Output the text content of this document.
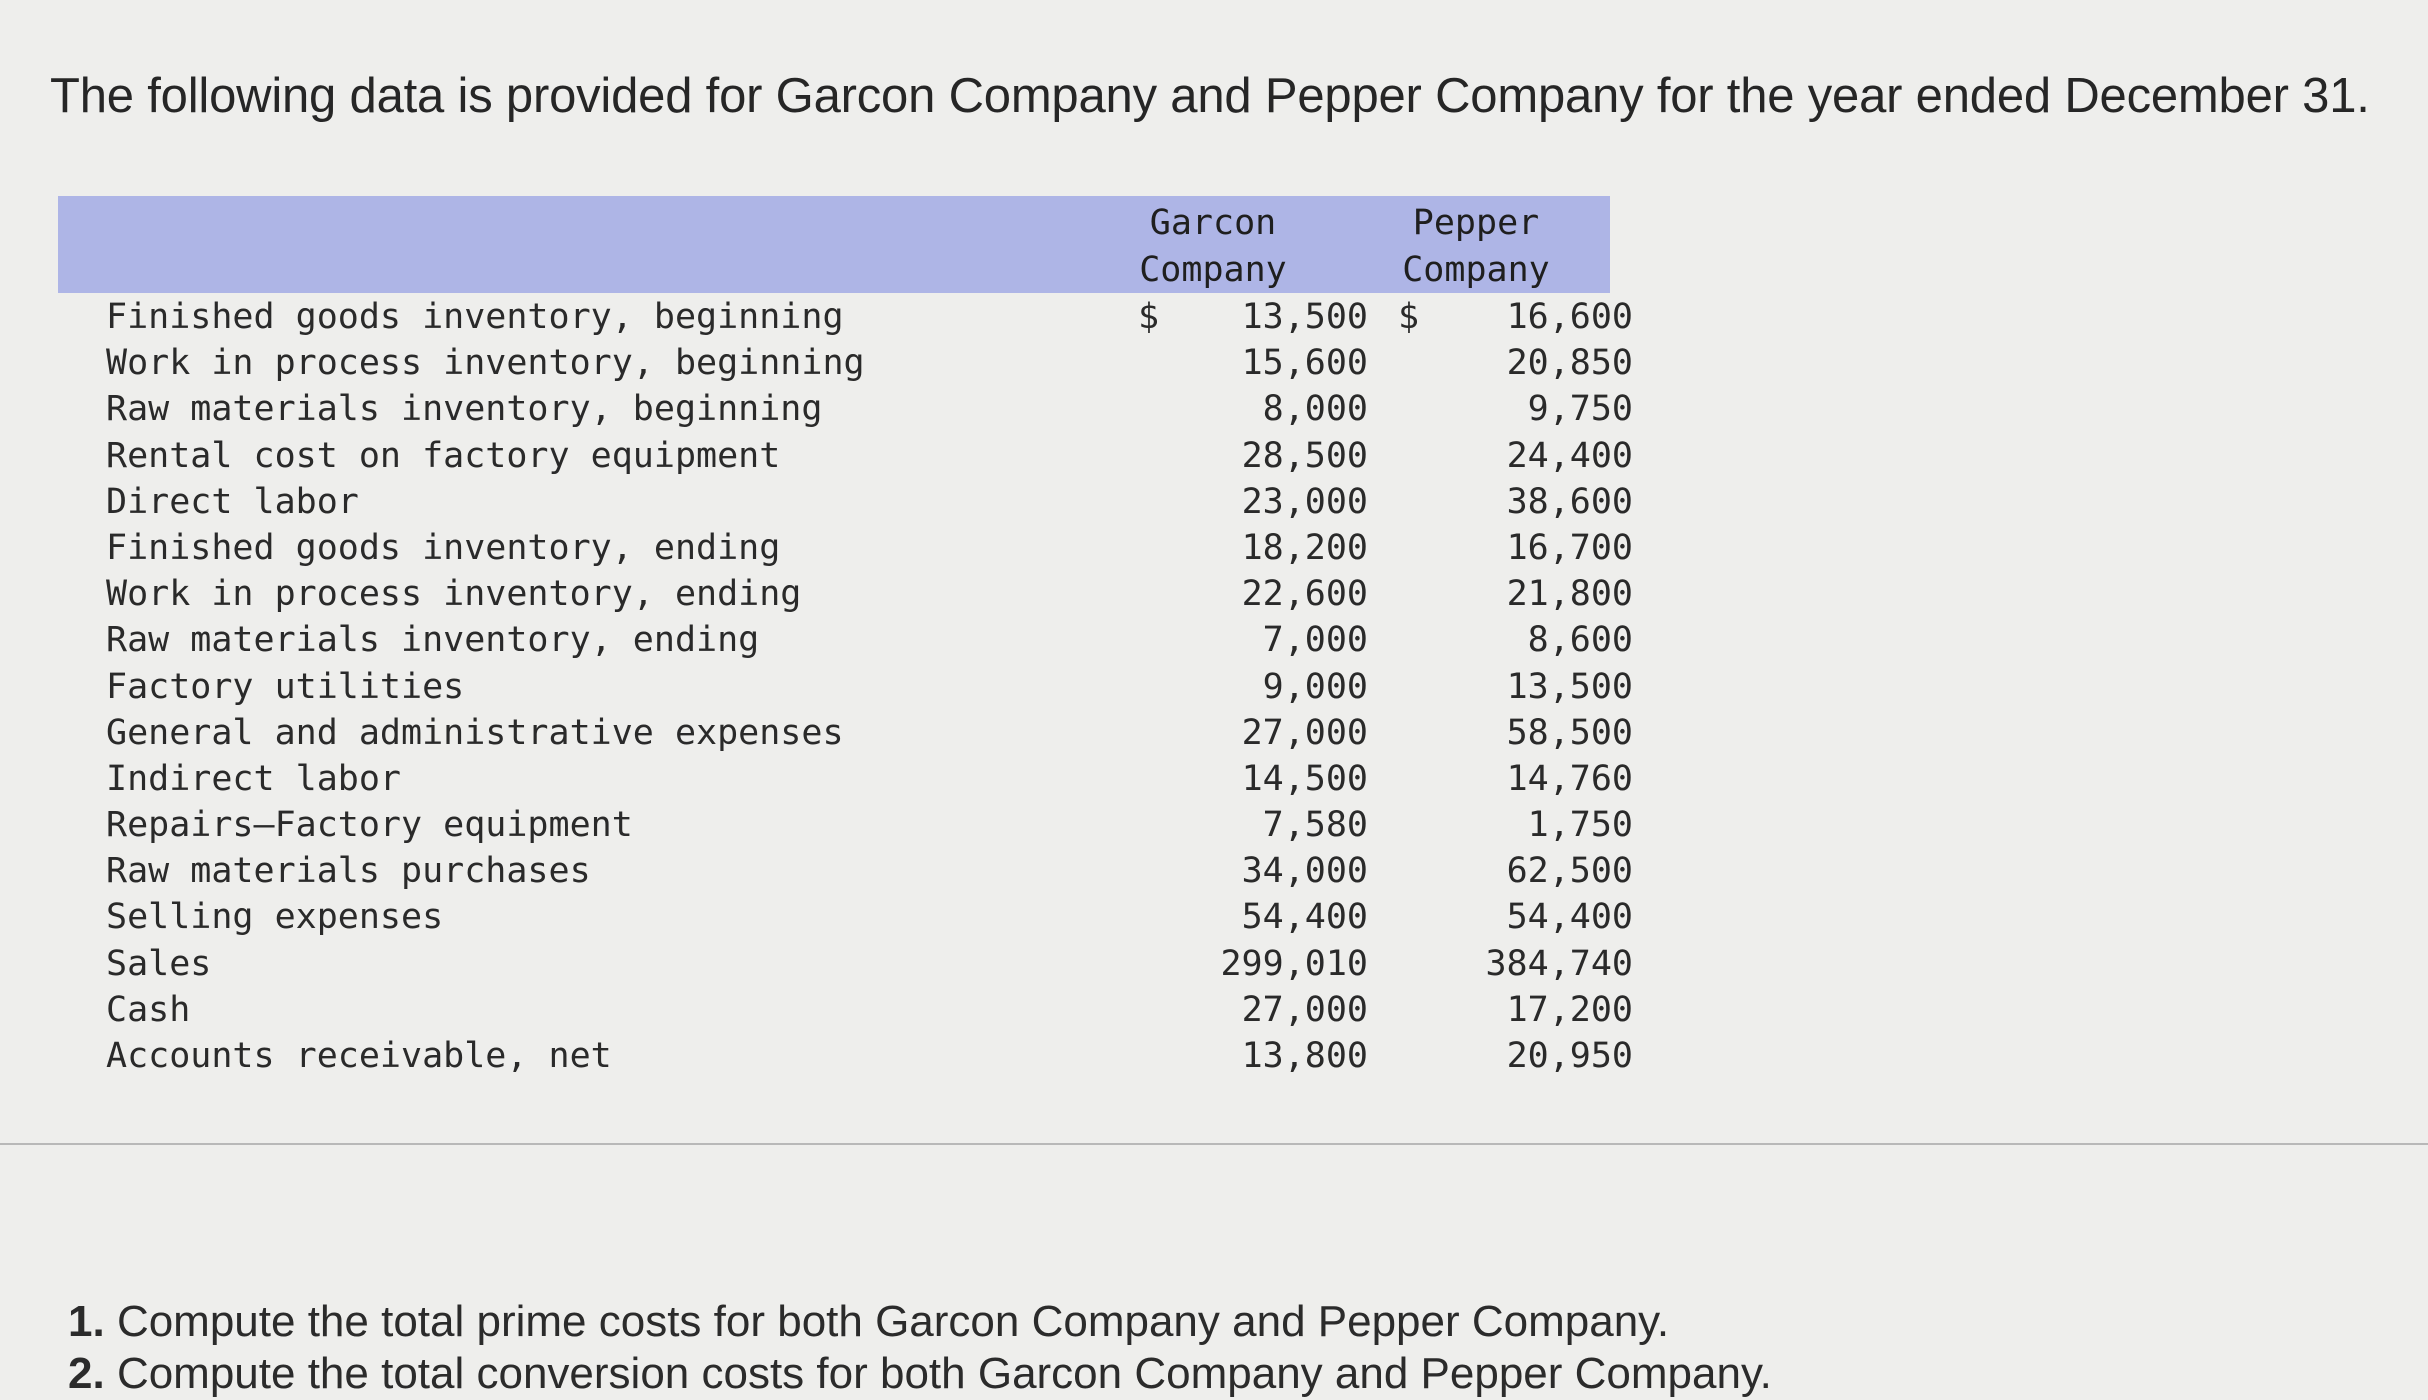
The following data is provided for Garcon Company and Pepper Company for the year ended December 31.
Garcon
Company
Pepper
Company
Finished goods inventory, beginning	$ 13,500 $ 16,600
Work in process inventory, beginning	15,600	20,850
Raw materials inventory, beginning	8,000	9,750
Rental cost on factory equipment	28,500	24,400
Direct labor	23,000	38,600
Finished goods inventory, ending	18,200	16,700
Work in process inventory, ending	22,600	21,800
Raw materials inventory, ending	7,000	8,600
Factory utilities	9,000	13,500
General and administrative expenses	27,000	58,500
Indirect labor	14,500	14,760
Repairs—Factory equipment	7,580	1,750
Raw materials purchases	34,000	62,500
Selling expenses	54,400	54,400
Sales	299,010	384,740
Cash	27,000	17,200
Accounts receivable, net	13,800	20,950
1. Compute the total prime costs for both Garcon Company and Pepper Company.
2. Compute the total conversion costs for both Garcon Company and Pepper Company.
